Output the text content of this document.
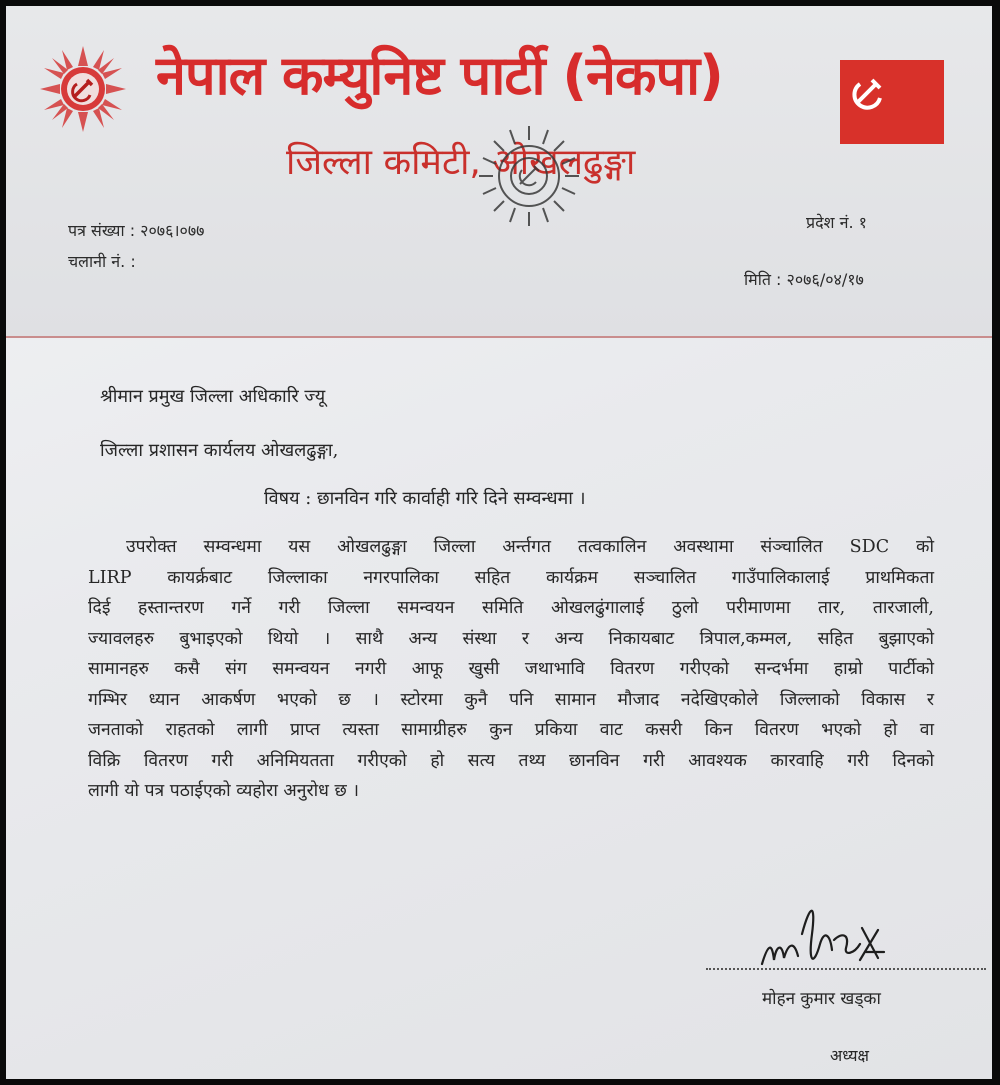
नेपाल कम्युनिष्ट पार्टी (नेकपा)
जिल्ला कमिटी, ओखलढुङ्गा
पत्र संख्या : २०७६।०७७
चलानी नं. :
प्रदेश नं. १
मिति : २०७६/०४/१७
श्रीमान प्रमुख जिल्ला अधिकारि ज्यू
जिल्ला प्रशासन कार्यलय ओखलढुङ्गा,
विषय : छानविन गरि कार्वाही गरि दिने सम्वन्धमा ।
उपरोक्त सम्वन्धमा यस ओखलढुङ्गा जिल्ला अर्न्तगत तत्वकालिन अवस्थामा संञ्चालित SDC को
LIRP कायर्क्रबाट जिल्लाका नगरपालिका सहित कार्यक्रम सञ्चालित गाउँपालिकालाई प्राथमिकता
दिई हस्तान्तरण गर्ने गरी जिल्ला समन्वयन समिति ओखलढुंगालाई ठुलो परीमाणमा तार, तारजाली,
ज्यावलहरु बुभाइएको थियो । साथै अन्य संस्था र अन्य निकायबाट त्रिपाल,कम्मल, सहित बुझाएको
सामानहरु कसै संग समन्वयन नगरी आफू खुसी जथाभावि वितरण गरीएको सन्दर्भमा हाम्रो पार्टीको
गम्भिर ध्यान आकर्षण भएको छ । स्टोरमा कुनै पनि सामान मौजाद नदेखिएकोले जिल्लाको विकास र
जनताको राहतको लागी प्राप्त त्यस्ता सामाग्रीहरु कुन प्रकिया वाट कसरी किन वितरण भएको हो वा
विक्रि वितरण गरी अनिमियतता गरीएको हो सत्य तथ्य छानविन गरी आवश्यक कारवाहि गरी दिनको
लागी यो पत्र पठाईएको व्यहोरा अनुरोध छ ।
मोहन कुमार खड्का
अध्यक्ष
